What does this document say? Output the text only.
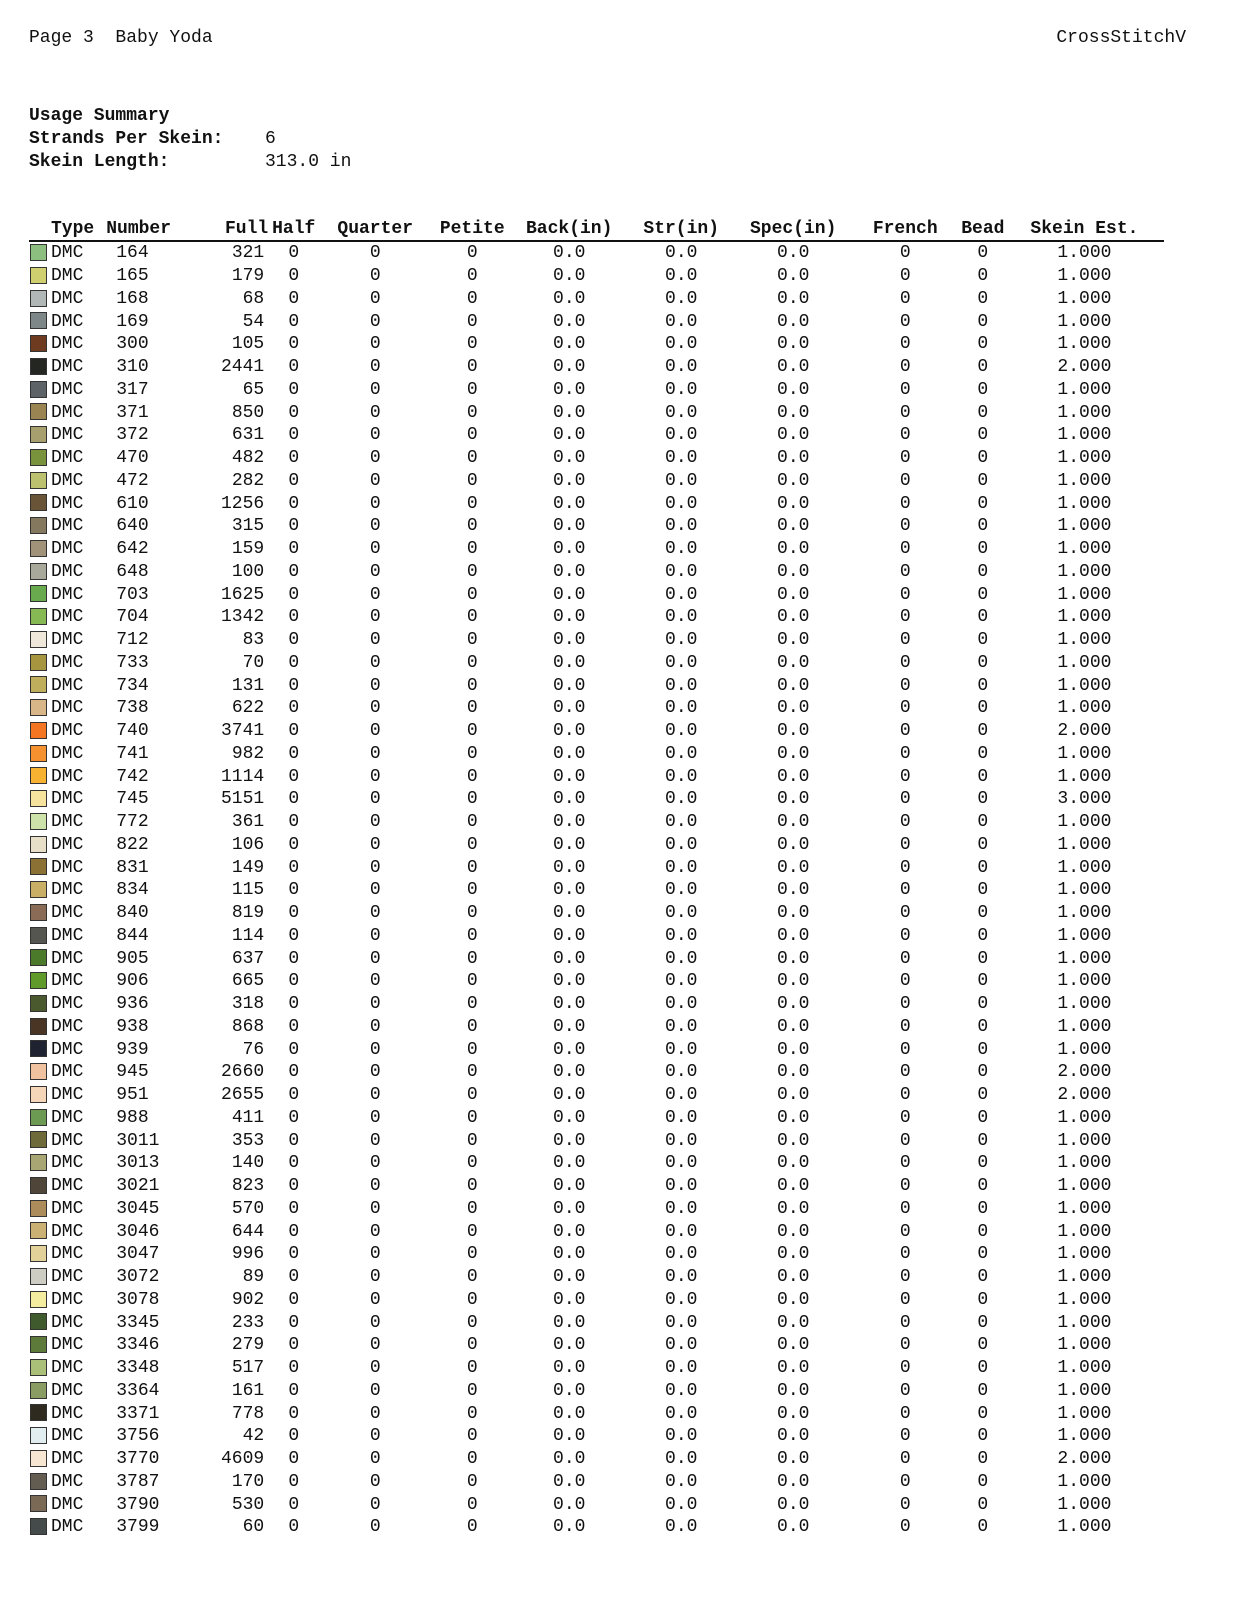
Page 3  Baby Yoda	CrossStitchV
Usage Summary
Strands Per Skein: 6
Skein Length:	313.0 in
	Type	Number	Full	Half	Quarter	Petite	Back(in)	Str(in)	Spec(in)	French	Bead	Skein Est.
	DMC	164	321	0	0	0	0.0	0.0	0.0	0	0	1.000
	DMC	165	179	0	0	0	0.0	0.0	0.0	0	0	1.000
	DMC	168	68	0	0	0	0.0	0.0	0.0	0	0	1.000
	DMC	169	54	0	0	0	0.0	0.0	0.0	0	0	1.000
	DMC	300	105	0	0	0	0.0	0.0	0.0	0	0	1.000
	DMC	310	2441	0	0	0	0.0	0.0	0.0	0	0	2.000
	DMC	317	65	0	0	0	0.0	0.0	0.0	0	0	1.000
	DMC	371	850	0	0	0	0.0	0.0	0.0	0	0	1.000
	DMC	372	631	0	0	0	0.0	0.0	0.0	0	0	1.000
	DMC	470	482	0	0	0	0.0	0.0	0.0	0	0	1.000
	DMC	472	282	0	0	0	0.0	0.0	0.0	0	0	1.000
	DMC	610	1256	0	0	0	0.0	0.0	0.0	0	0	1.000
	DMC	640	315	0	0	0	0.0	0.0	0.0	0	0	1.000
	DMC	642	159	0	0	0	0.0	0.0	0.0	0	0	1.000
	DMC	648	100	0	0	0	0.0	0.0	0.0	0	0	1.000
	DMC	703	1625	0	0	0	0.0	0.0	0.0	0	0	1.000
	DMC	704	1342	0	0	0	0.0	0.0	0.0	0	0	1.000
	DMC	712	83	0	0	0	0.0	0.0	0.0	0	0	1.000
	DMC	733	70	0	0	0	0.0	0.0	0.0	0	0	1.000
	DMC	734	131	0	0	0	0.0	0.0	0.0	0	0	1.000
	DMC	738	622	0	0	0	0.0	0.0	0.0	0	0	1.000
	DMC	740	3741	0	0	0	0.0	0.0	0.0	0	0	2.000
	DMC	741	982	0	0	0	0.0	0.0	0.0	0	0	1.000
	DMC	742	1114	0	0	0	0.0	0.0	0.0	0	0	1.000
	DMC	745	5151	0	0	0	0.0	0.0	0.0	0	0	3.000
	DMC	772	361	0	0	0	0.0	0.0	0.0	0	0	1.000
	DMC	822	106	0	0	0	0.0	0.0	0.0	0	0	1.000
	DMC	831	149	0	0	0	0.0	0.0	0.0	0	0	1.000
	DMC	834	115	0	0	0	0.0	0.0	0.0	0	0	1.000
	DMC	840	819	0	0	0	0.0	0.0	0.0	0	0	1.000
	DMC	844	114	0	0	0	0.0	0.0	0.0	0	0	1.000
	DMC	905	637	0	0	0	0.0	0.0	0.0	0	0	1.000
	DMC	906	665	0	0	0	0.0	0.0	0.0	0	0	1.000
	DMC	936	318	0	0	0	0.0	0.0	0.0	0	0	1.000
	DMC	938	868	0	0	0	0.0	0.0	0.0	0	0	1.000
	DMC	939	76	0	0	0	0.0	0.0	0.0	0	0	1.000
	DMC	945	2660	0	0	0	0.0	0.0	0.0	0	0	2.000
	DMC	951	2655	0	0	0	0.0	0.0	0.0	0	0	2.000
	DMC	988	411	0	0	0	0.0	0.0	0.0	0	0	1.000
	DMC	3011	353	0	0	0	0.0	0.0	0.0	0	0	1.000
	DMC	3013	140	0	0	0	0.0	0.0	0.0	0	0	1.000
	DMC	3021	823	0	0	0	0.0	0.0	0.0	0	0	1.000
	DMC	3045	570	0	0	0	0.0	0.0	0.0	0	0	1.000
	DMC	3046	644	0	0	0	0.0	0.0	0.0	0	0	1.000
	DMC	3047	996	0	0	0	0.0	0.0	0.0	0	0	1.000
	DMC	3072	89	0	0	0	0.0	0.0	0.0	0	0	1.000
	DMC	3078	902	0	0	0	0.0	0.0	0.0	0	0	1.000
	DMC	3345	233	0	0	0	0.0	0.0	0.0	0	0	1.000
	DMC	3346	279	0	0	0	0.0	0.0	0.0	0	0	1.000
	DMC	3348	517	0	0	0	0.0	0.0	0.0	0	0	1.000
	DMC	3364	161	0	0	0	0.0	0.0	0.0	0	0	1.000
	DMC	3371	778	0	0	0	0.0	0.0	0.0	0	0	1.000
	DMC	3756	42	0	0	0	0.0	0.0	0.0	0	0	1.000
	DMC	3770	4609	0	0	0	0.0	0.0	0.0	0	0	2.000
	DMC	3787	170	0	0	0	0.0	0.0	0.0	0	0	1.000
	DMC	3790	530	0	0	0	0.0	0.0	0.0	0	0	1.000
	DMC	3799	60	0	0	0	0.0	0.0	0.0	0	0	1.000
